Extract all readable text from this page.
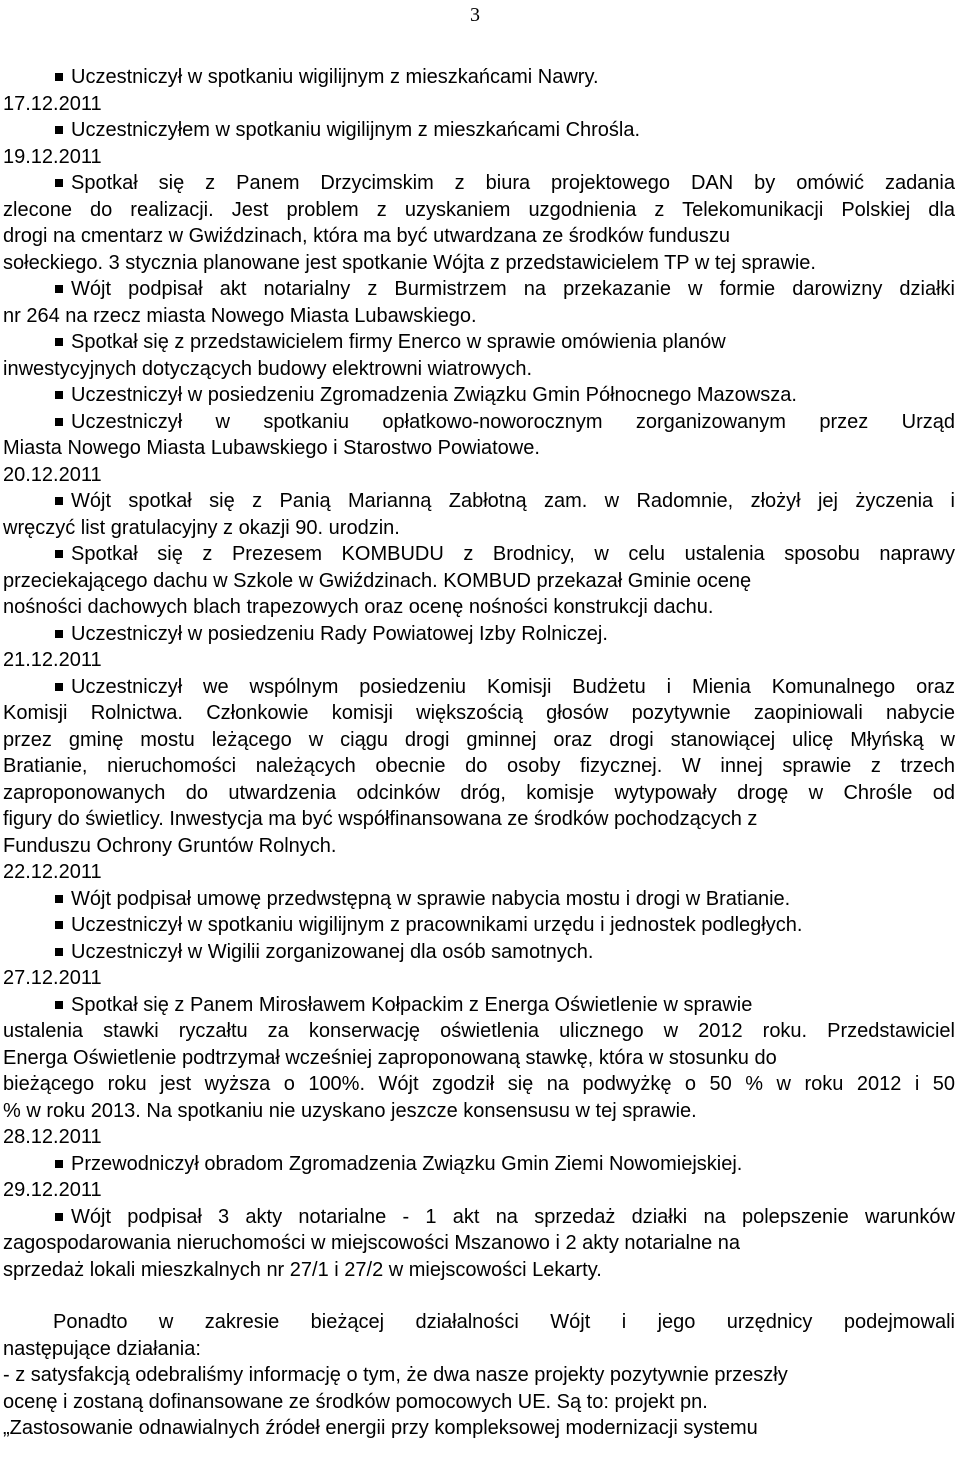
3
Uczestniczył w spotkaniu wigilijnym z mieszkańcami Nawry.
17.12.2011
Uczestniczyłem w spotkaniu wigilijnym z mieszkańcami Chrośla.
19.12.2011
Spotkał się z Panem Drzycimskim z biura projektowego DAN by omówić zadania
zlecone do realizacji. Jest problem z uzyskaniem uzgodnienia z Telekomunikacji Polskiej dla
drogi na cmentarz w Gwiździnach, która ma być utwardzana ze środków funduszu
sołeckiego. 3 stycznia planowane jest spotkanie Wójta z przedstawicielem TP w tej sprawie.
Wójt podpisał akt notarialny z Burmistrzem na przekazanie w formie darowizny działki
nr 264 na rzecz miasta Nowego Miasta Lubawskiego.
Spotkał się z przedstawicielem firmy Enerco w sprawie omówienia planów
inwestycyjnych dotyczących budowy elektrowni wiatrowych.
Uczestniczył w posiedzeniu Zgromadzenia Związku Gmin Północnego Mazowsza.
Uczestniczył w spotkaniu opłatkowo-noworocznym zorganizowanym przez Urząd
Miasta Nowego Miasta Lubawskiego i Starostwo Powiatowe.
20.12.2011
Wójt spotkał się z Panią Marianną Zabłotną zam. w Radomnie, złożył jej życzenia i
wręczyć list gratulacyjny z okazji 90. urodzin.
Spotkał się z Prezesem KOMBUDU z Brodnicy, w celu ustalenia sposobu naprawy
przeciekającego dachu w Szkole w Gwiździnach. KOMBUD przekazał Gminie ocenę
nośności dachowych blach trapezowych oraz ocenę nośności konstrukcji dachu.
Uczestniczył w posiedzeniu Rady Powiatowej Izby Rolniczej.
21.12.2011
Uczestniczył we wspólnym posiedzeniu Komisji Budżetu i Mienia Komunalnego oraz
Komisji Rolnictwa. Członkowie komisji większością głosów pozytywnie zaopiniowali nabycie
przez gminę mostu leżącego w ciągu drogi gminnej oraz drogi stanowiącej ulicę Młyńską w
Bratianie, nieruchomości należących obecnie do osoby fizycznej. W innej sprawie z trzech
zaproponowanych do utwardzenia odcinków dróg, komisje wytypowały drogę w Chrośle od
figury do świetlicy. Inwestycja ma być współfinansowana ze środków pochodzących z
Funduszu Ochrony Gruntów Rolnych.
22.12.2011
Wójt podpisał umowę przedwstępną w sprawie nabycia mostu i drogi w Bratianie.
Uczestniczył w spotkaniu wigilijnym z pracownikami urzędu i jednostek podległych.
Uczestniczył w Wigilii zorganizowanej dla osób samotnych.
27.12.2011
Spotkał się z Panem Mirosławem Kołpackim z Energa Oświetlenie w sprawie
ustalenia stawki ryczałtu za konserwację oświetlenia ulicznego w 2012 roku. Przedstawiciel
Energa Oświetlenie podtrzymał wcześniej zaproponowaną stawkę, która w stosunku do
bieżącego roku jest wyższa o 100%. Wójt zgodził się na podwyżkę o 50 % w roku 2012 i 50
% w roku 2013. Na spotkaniu nie uzyskano jeszcze konsensusu w tej sprawie.
28.12.2011
Przewodniczył obradom Zgromadzenia Związku Gmin Ziemi Nowomiejskiej.
29.12.2011
Wójt podpisał 3 akty notarialne - 1 akt na sprzedaż działki na polepszenie warunków
zagospodarowania nieruchomości w miejscowości Mszanowo i 2 akty notarialne na
sprzedaż lokali mieszkalnych nr 27/1 i 27/2 w miejscowości Lekarty.
Ponadto w zakresie bieżącej działalności Wójt i jego urzędnicy podejmowali
następujące działania:
- z satysfakcją odebraliśmy informację o tym, że dwa nasze projekty pozytywnie przeszły
ocenę i zostaną dofinansowane ze środków pomocowych UE. Są to: projekt pn.
„Zastosowanie odnawialnych źródeł energii przy kompleksowej modernizacji systemu
